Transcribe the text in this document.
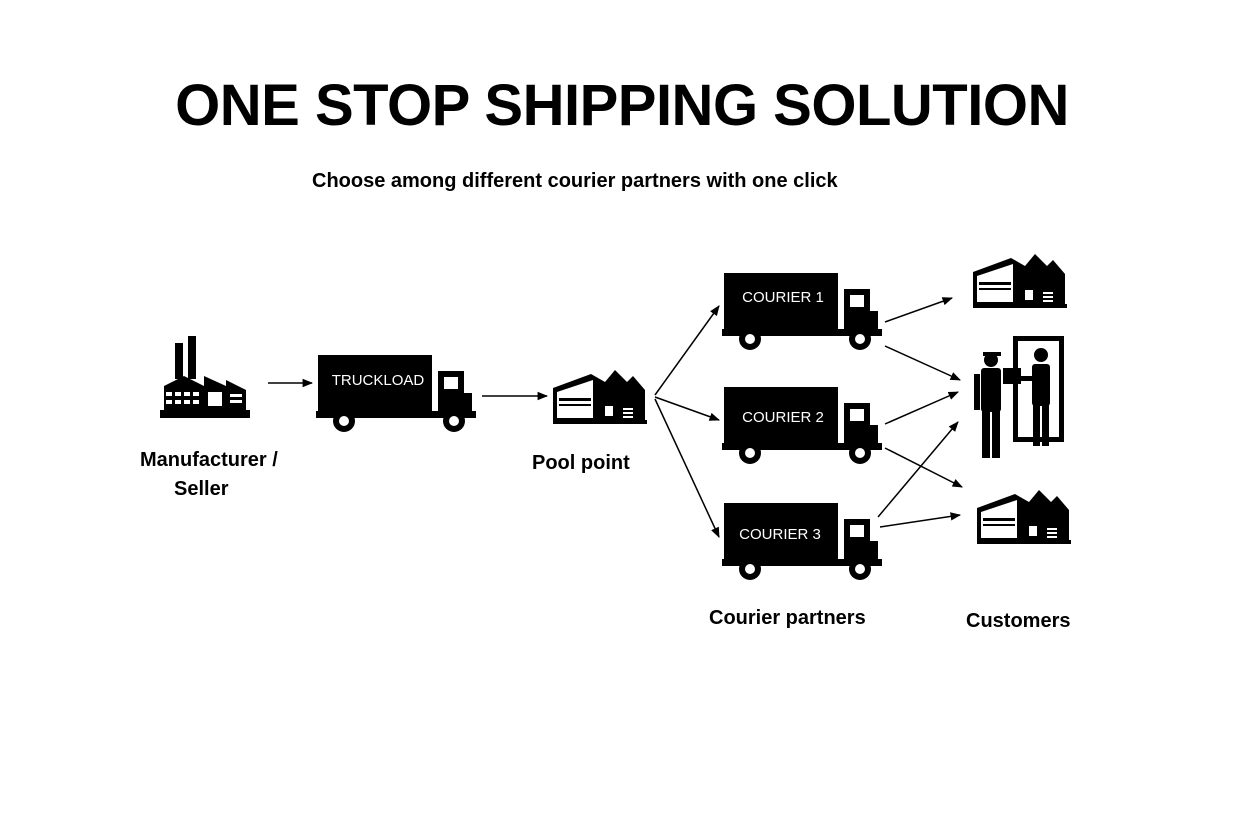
ONE STOP SHIPPING SOLUTION
Choose among different courier partners with one click
TRUCKLOAD
COURIER 1
COURIER 2
COURIER 3
Manufacturer /
Seller
Pool point
Courier partners	Customers
